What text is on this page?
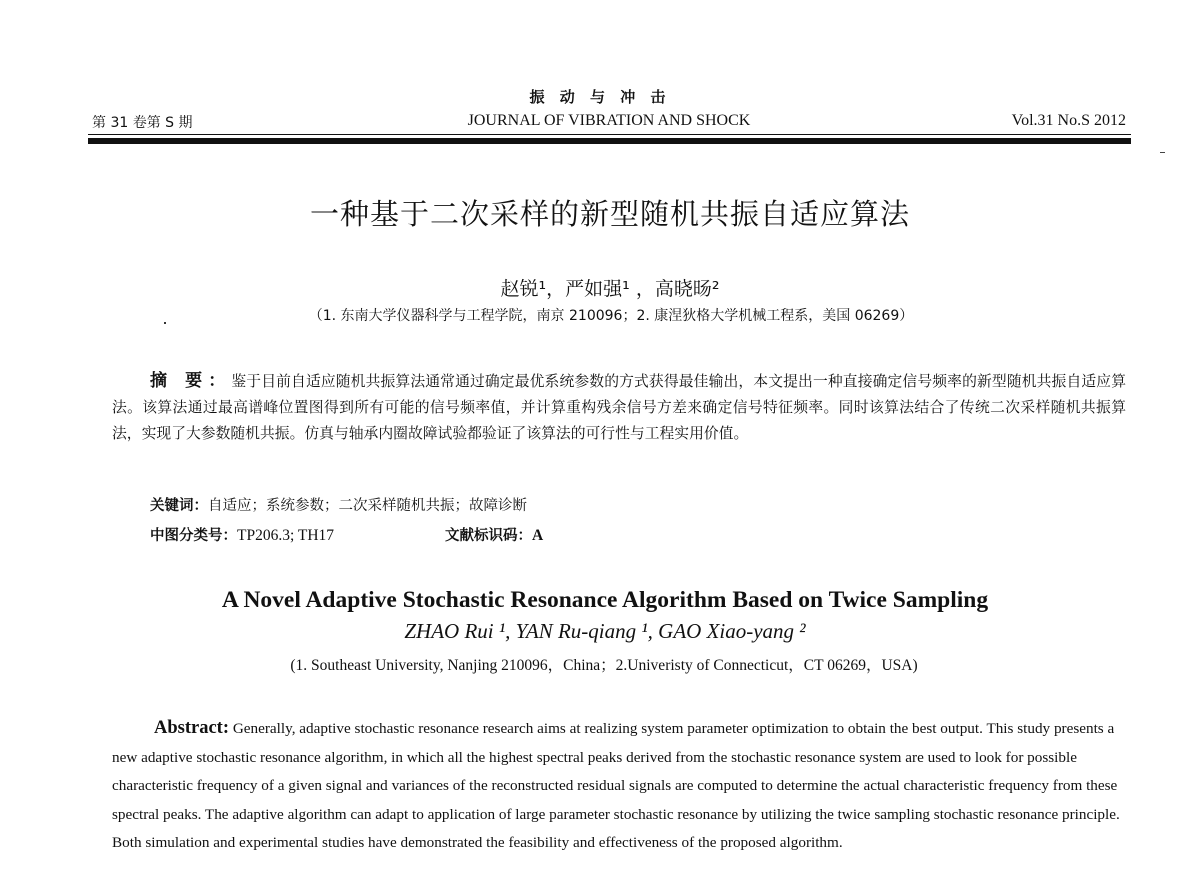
振 动 与 冲 击
第 31 卷第 S 期	JOURNAL OF VIBRATION AND SHOCK	Vol.31 No.S 2012
一种基于二次采样的新型随机共振自适应算法
赵锐¹，严如强¹ ，高晓旸²
（1. 东南大学仪器科学与工程学院，南京 210096；2. 康涅狄格大学机械工程系，美国 06269）
摘 要：鉴于目前自适应随机共振算法通常通过确定最优系统参数的方式获得最佳输出，本文提出一种直接确定信号频率的新型随机共振自适应算法。该算法通过最高谱峰位置图得到所有可能的信号频率值，并计算重构残余信号方差来确定信号特征频率。同时该算法结合了传统二次采样随机共振算法，实现了大参数随机共振。仿真与轴承内圈故障试验都验证了该算法的可行性与工程实用价值。
关键词：自适应；系统参数；二次采样随机共振；故障诊断
中图分类号：TP206.3; TH17	文献标识码：A
A Novel Adaptive Stochastic Resonance Algorithm Based on Twice Sampling
ZHAO Rui ¹, YAN Ru-qiang ¹, GAO Xiao-yang ²
(1. Southeast University, Nanjing 210096，China；2.Univeristy of Connecticut，CT 06269，USA)
Abstract: Generally, adaptive stochastic resonance research aims at realizing system parameter optimization to obtain the best output. This study presents a new adaptive stochastic resonance algorithm, in which all the highest spectral peaks derived from the stochastic resonance system are used to look for possible characteristic frequency of a given signal and variances of the reconstructed residual signals are computed to determine the actual characteristic frequency from these spectral peaks. The adaptive algorithm can adapt to application of large parameter stochastic resonance by utilizing the twice sampling stochastic resonance principle. Both simulation and experimental studies have demonstrated the feasibility and effectiveness of the proposed algorithm.
